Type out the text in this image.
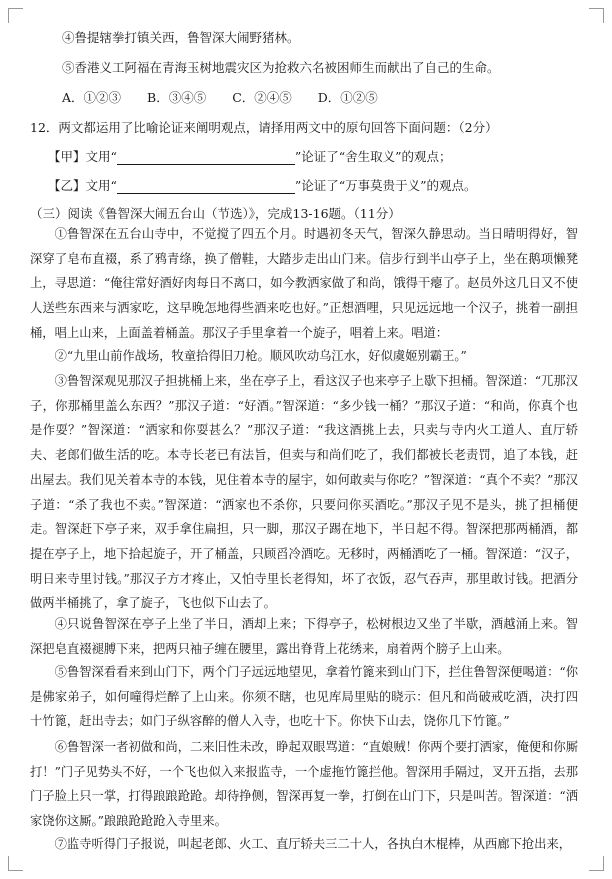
④鲁提辖拳打镇关西，鲁智深大闹野猪林。
⑤香港义工阿福在青海玉树地震灾区为抢救六名被困师生而献出了自己的生命。
A．①②③ B．③④⑤ C．②④⑤ D．①②⑤
12．两文都运用了比喻论证来阐明观点，请择用两文中的原句回答下面问题：（2分）
【甲】文用“	”论证了“舍生取义”的观点；
【乙】文用“	”论证了“万事莫贵于义”的观点。
（三）阅读《鲁智深大闹五台山（节选）》，完成13-16题。（11分）
①鲁智深在五台山寺中，不觉搅了四五个月。时遇初冬天气，智深久静思动。当日晴明得好，智深穿了皂布直裰，系了鸦青绦，换了僧鞋，大踏步走出山门来。信步行到半山亭子上，坐在鹅项懒凳上，寻思道：“俺往常好酒好肉每日不离口，如今教洒家做了和尚，饿得干瘪了。赵员外这几日又不使人送些东西来与洒家吃，这早晚怎地得些酒来吃也好。”正想酒哩，只见远远地一个汉子，挑着一副担桶，唱上山来，上面盖着桶盖。那汉子手里拿着一个旋子，唱着上来。唱道：
②“九里山前作战场，牧童拾得旧刀枪。顺风吹动乌江水，好似虞姬别霸王。”
③鲁智深观见那汉子担挑桶上来，坐在亭子上，看这汉子也来亭子上歇下担桶。智深道：“兀那汉子，你那桶里盖么东西？”那汉子道：“好酒。”智深道：“多少钱一桶？”那汉子道：“和尚，你真个也是作耍？”智深道：“洒家和你耍甚么？”那汉子道：“我这酒挑上去，只卖与寺内火工道人、直厅轿夫、老郎们做生活的吃。本寺长老已有法旨，但卖与和尚们吃了，我们都被长老责罚，追了本钱，赶出屋去。我们见关着本寺的本钱，见住着本寺的屋宇，如何敢卖与你吃？”智深道：“真个不卖？”那汉子道：“杀了我也不卖。”智深道：“洒家也不杀你，只要问你买酒吃。”那汉子见不是头，挑了担桶便走。智深赶下亭子来，双手拿住扁担，只一脚，那汉子踢在地下，半日起不得。智深把那两桶酒，都提在亭子上，地下拾起旋子，开了桶盖，只顾舀冷酒吃。无移时，两桶酒吃了一桶。智深道：“汉子，明日来寺里讨钱。”那汉子方才疼止，又怕寺里长老得知，坏了衣饭，忍气吞声，那里敢讨钱。把酒分做两半桶挑了，拿了旋子，飞也似下山去了。
④只说鲁智深在亭子上坐了半日，酒却上来；下得亭子，松树根边又坐了半歇，酒越涌上来。智深把皂直裰褪膊下来，把两只袖子缠在腰里，露出脊背上花绣来，扇着两个膀子上山来。
⑤鲁智深看看来到山门下，两个门子远远地望见，拿着竹篦来到山门下，拦住鲁智深便喝道：“你是佛家弟子，如何噇得烂醉了上山来。你须不瞎，也见库局里贴的晓示：但凡和尚破戒吃酒，决打四十竹篦，赶出寺去；如门子纵容醉的僧人入寺，也吃十下。你快下山去，饶你几下竹篦。”
⑥鲁智深一者初做和尚，二来旧性未改，睁起双眼骂道：“直娘贼！你两个要打洒家，俺便和你厮打！”门子见势头不好，一个飞也似入来报监寺，一个虚拖竹篦拦他。智深用手隔过，叉开五指，去那门子脸上只一掌，打得踉踉跄跄。却待挣侧，智深再复一拳，打倒在山门下，只是叫苦。智深道：“洒家饶你这厮。”踉踉跄跄跄入寺里来。
⑦监寺听得门子报说，叫起老郎、火工、直厅轿夫三二十人，各执白木棍棒，从西廊下抢出来，
